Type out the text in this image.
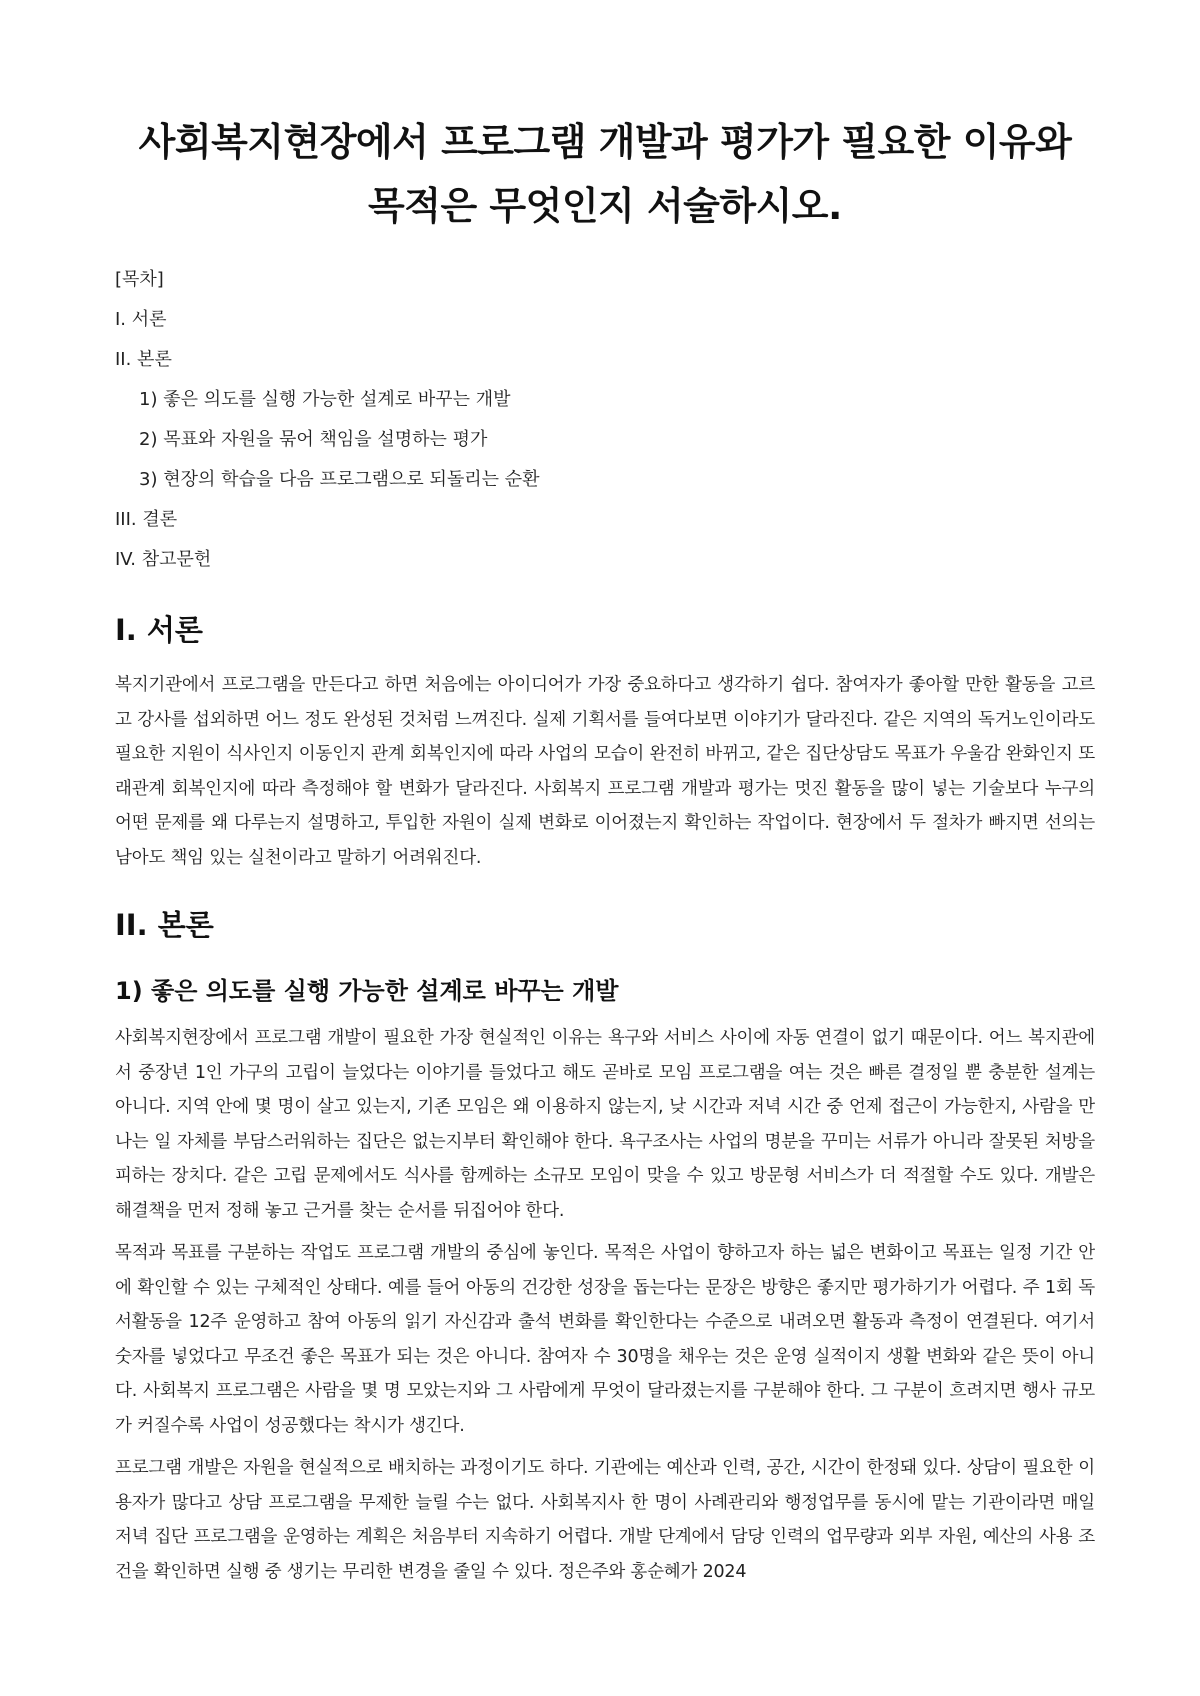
사회복지현장에서 프로그램 개발과 평가가 필요한 이유와 목적은 무엇인지 서술하시오.
[목차]
I. 서론
II. 본론
1) 좋은 의도를 실행 가능한 설계로 바꾸는 개발
2) 목표와 자원을 묶어 책임을 설명하는 평가
3) 현장의 학습을 다음 프로그램으로 되돌리는 순환
III. 결론
IV. 참고문헌
I. 서론

복지기관에서 프로그램을 만든다고 하면 처음에는 아이디어가 가장 중요하다고 생각하기 쉽다. 참여자가 좋아할 만한 활동을 고르고 강사를 섭외하면 어느 정도 완성된 것처럼 느껴진다. 실제 기획서를 들여다보면 이야기가 달라진다. 같은 지역의 독거노인이라도 필요한 지원이 식사인지 이동인지 관계 회복인지에 따라 사업의 모습이 완전히 바뀌고, 같은 집단상담도 목표가 우울감 완화인지 또래관계 회복인지에 따라 측정해야 할 변화가 달라진다. 사회복지 프로그램 개발과 평가는 멋진 활동을 많이 넣는 기술보다 누구의 어떤 문제를 왜 다루는지 설명하고, 투입한 자원이 실제 변화로 이어졌는지 확인하는 작업이다. 현장에서 두 절차가 빠지면 선의는 남아도 책임 있는 실천이라고 말하기 어려워진다.

II. 본론
1) 좋은 의도를 실행 가능한 설계로 바꾸는 개발

사회복지현장에서 프로그램 개발이 필요한 가장 현실적인 이유는 욕구와 서비스 사이에 자동 연결이 없기 때문이다. 어느 복지관에서 중장년 1인 가구의 고립이 늘었다는 이야기를 들었다고 해도 곧바로 모임 프로그램을 여는 것은 빠른 결정일 뿐 충분한 설계는 아니다. 지역 안에 몇 명이 살고 있는지, 기존 모임은 왜 이용하지 않는지, 낮 시간과 저녁 시간 중 언제 접근이 가능한지, 사람을 만나는 일 자체를 부담스러워하는 집단은 없는지부터 확인해야 한다. 욕구조사는 사업의 명분을 꾸미는 서류가 아니라 잘못된 처방을 피하는 장치다. 같은 고립 문제에서도 식사를 함께하는 소규모 모임이 맞을 수 있고 방문형 서비스가 더 적절할 수도 있다. 개발은 해결책을 먼저 정해 놓고 근거를 찾는 순서를 뒤집어야 한다.

목적과 목표를 구분하는 작업도 프로그램 개발의 중심에 놓인다. 목적은 사업이 향하고자 하는 넓은 변화이고 목표는 일정 기간 안에 확인할 수 있는 구체적인 상태다. 예를 들어 아동의 건강한 성장을 돕는다는 문장은 방향은 좋지만 평가하기가 어렵다. 주 1회 독서활동을 12주 운영하고 참여 아동의 읽기 자신감과 출석 변화를 확인한다는 수준으로 내려오면 활동과 측정이 연결된다. 여기서 숫자를 넣었다고 무조건 좋은 목표가 되는 것은 아니다. 참여자 수 30명을 채우는 것은 운영 실적이지 생활 변화와 같은 뜻이 아니다. 사회복지 프로그램은 사람을 몇 명 모았는지와 그 사람에게 무엇이 달라졌는지를 구분해야 한다. 그 구분이 흐려지면 행사 규모가 커질수록 사업이 성공했다는 착시가 생긴다.

프로그램 개발은 자원을 현실적으로 배치하는 과정이기도 하다. 기관에는 예산과 인력, 공간, 시간이 한정돼 있다. 상담이 필요한 이용자가 많다고 상담 프로그램을 무제한 늘릴 수는 없다. 사회복지사 한 명이 사례관리와 행정업무를 동시에 맡는 기관이라면 매일 저녁 집단 프로그램을 운영하는 계획은 처음부터 지속하기 어렵다. 개발 단계에서 담당 인력의 업무량과 외부 자원, 예산의 사용 조건을 확인하면 실행 중 생기는 무리한 변경을 줄일 수 있다. 정은주와 홍순혜가 2024
